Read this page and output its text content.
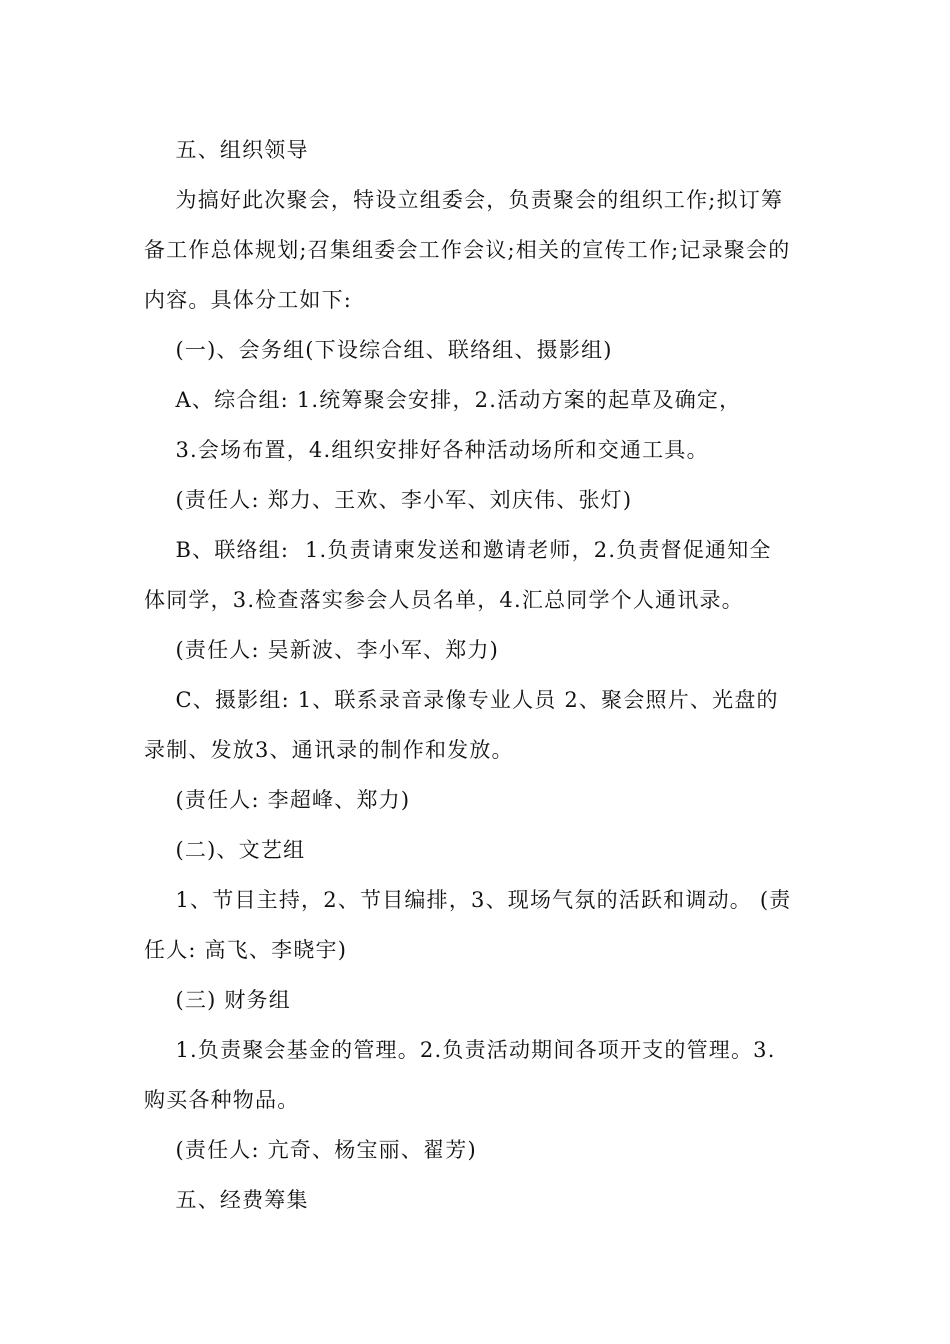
五、组织领导
为搞好此次聚会，特设立组委会，负责聚会的组织工作;拟订筹
备工作总体规划;召集组委会工作会议;相关的宣传工作;记录聚会的
内容。具体分工如下:
(一)、会务组(下设综合组、联络组、摄影组)
A、综合组: 1.统筹聚会安排，2.活动方案的起草及确定，
3.会场布置，4.组织安排好各种活动场所和交通工具。
(责任人: 郑力、王欢、李小军、刘庆伟、张灯)
B、联络组:  1.负责请柬发送和邀请老师，2.负责督促通知全
体同学，3.检查落实参会人员名单，4.汇总同学个人通讯录。
(责任人: 吴新波、李小军、郑力)
C、摄影组: 1、联系录音录像专业人员 2、聚会照片、光盘的
录制、发放3、通讯录的制作和发放。
(责任人: 李超峰、郑力)
(二)、文艺组
1、节目主持，2、节目编排，3、现场气氛的活跃和调动。 (责
任人: 高飞、李晓宇)
(三) 财务组
1.负责聚会基金的管理。2.负责活动期间各项开支的管理。3.
购买各种物品。
(责任人: 亢奇、杨宝丽、翟芳)
五、经费筹集
